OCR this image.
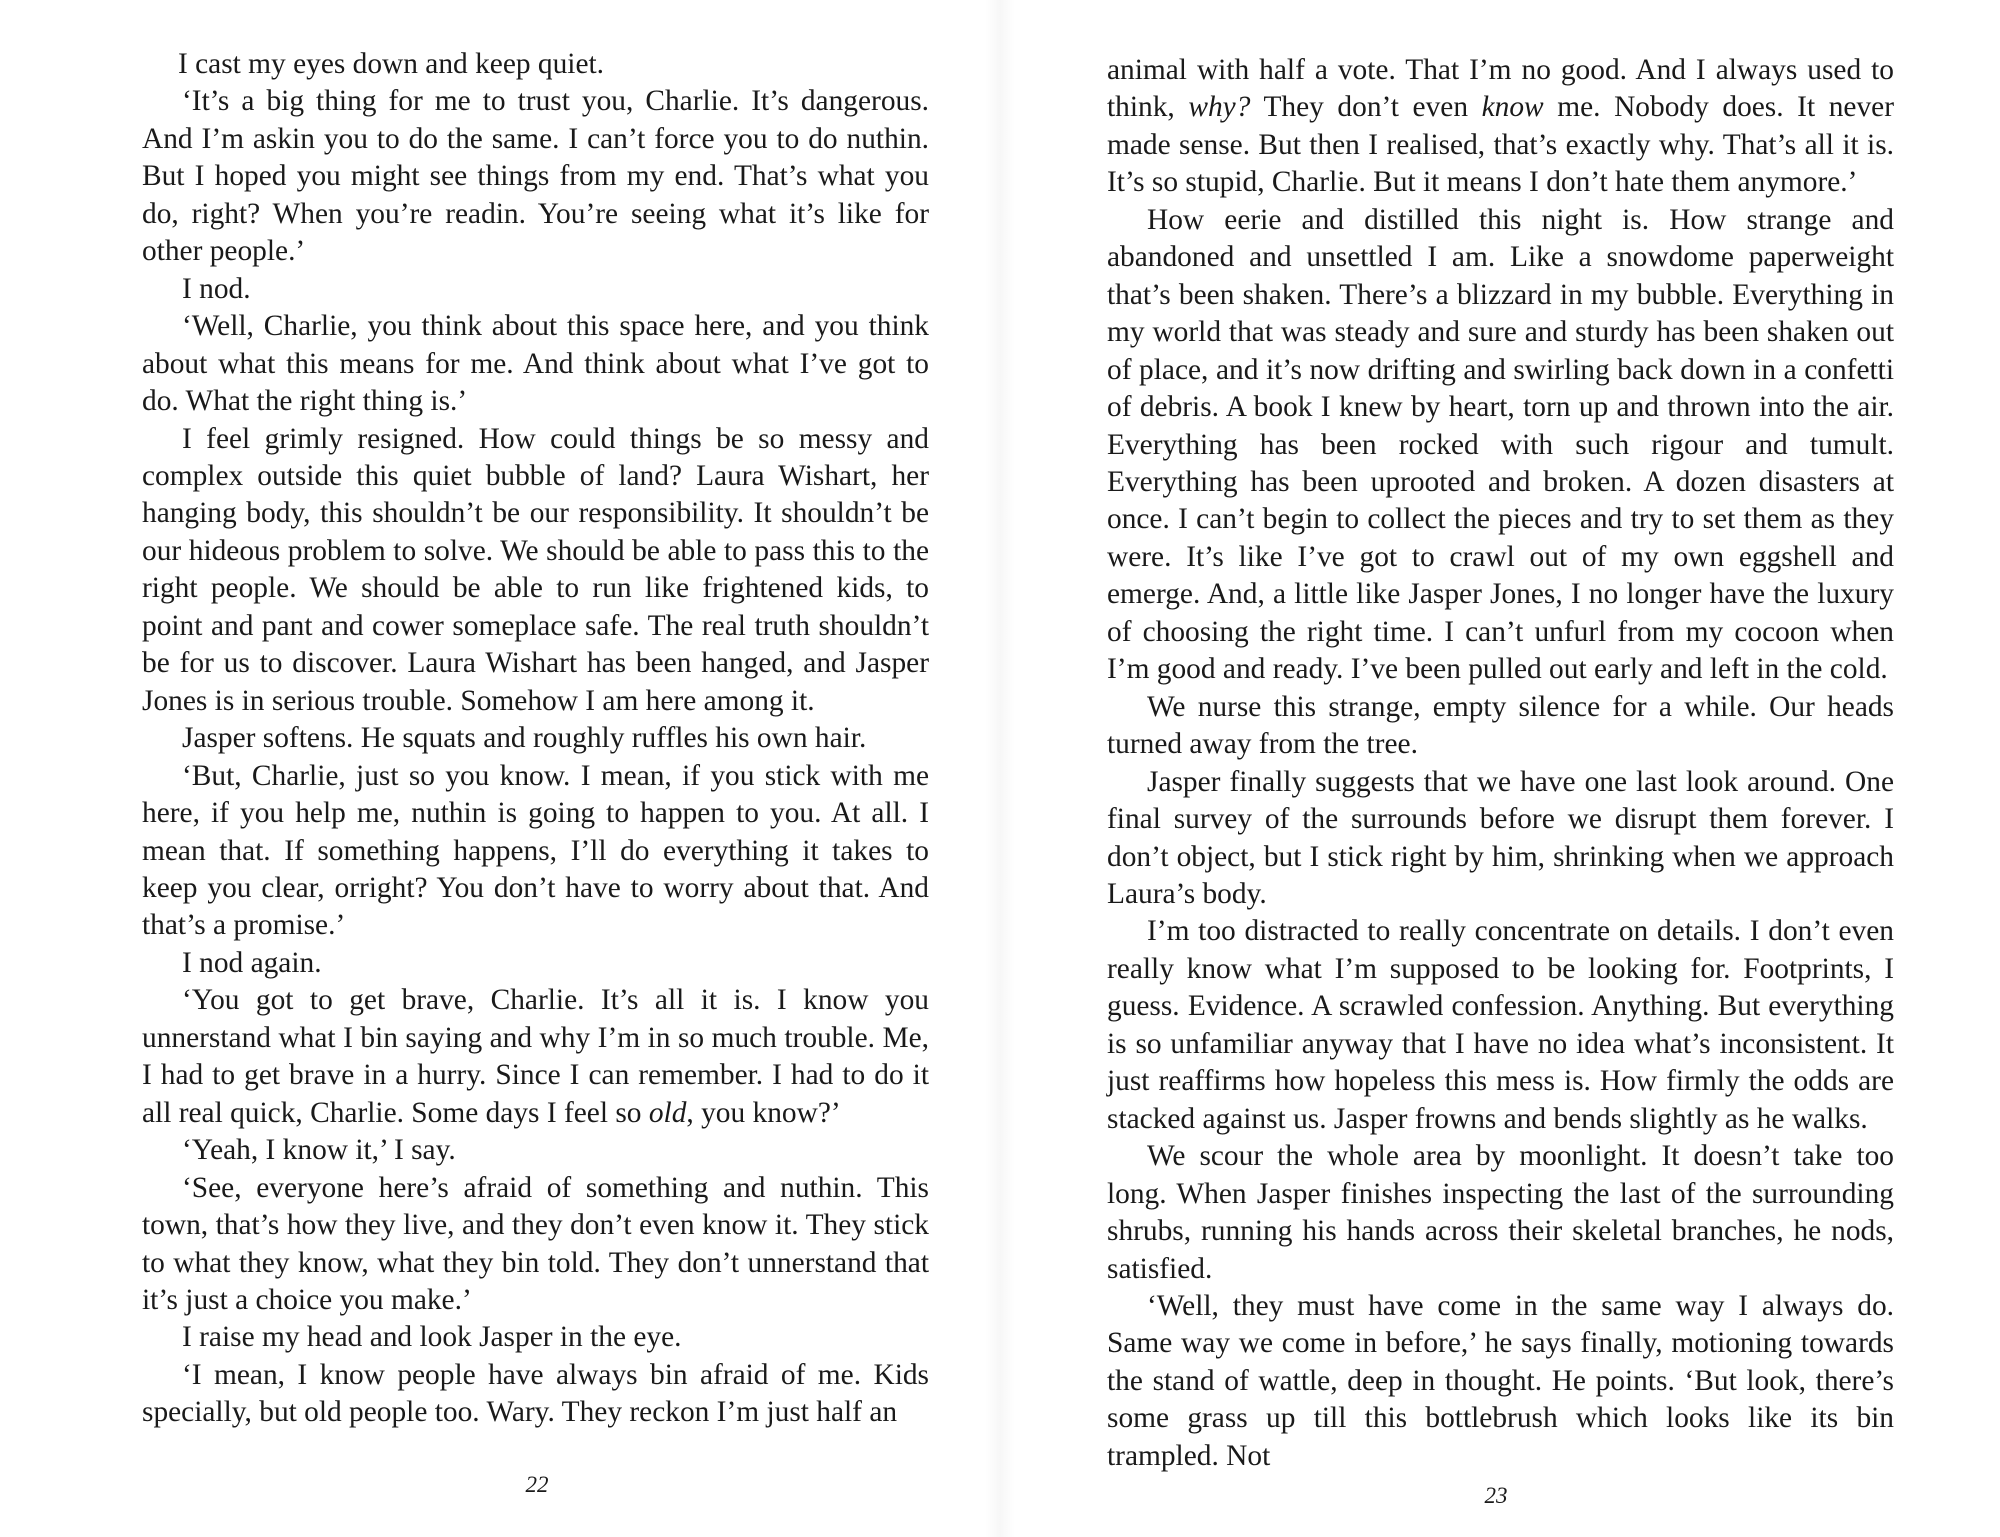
I cast my eyes down and keep quiet.

‘It’s a big thing for me to trust you, Charlie. It’s dangerous. And I’m askin you to do the same. I can’t force you to do nuthin. But I hoped you might see things from my end. That’s what you do, right? When you’re readin. You’re seeing what it’s like for other people.’

I nod.

‘Well, Charlie, you think about this space here, and you think about what this means for me. And think about what I’ve got to do. What the right thing is.’

I feel grimly resigned. How could things be so messy and complex outside this quiet bubble of land? Laura Wishart, her hanging body, this shouldn’t be our responsibility. It shouldn’t be our hideous problem to solve. We should be able to pass this to the right people. We should be able to run like frightened kids, to point and pant and cower someplace safe. The real truth shouldn’t be for us to discover. Laura Wishart has been hanged, and Jasper Jones is in serious trouble. Somehow I am here among it.

Jasper softens. He squats and roughly ruffles his own hair.

‘But, Charlie, just so you know. I mean, if you stick with me here, if you help me, nuthin is going to happen to you. At all. I mean that. If something happens, I’ll do everything it takes to keep you clear, orright? You don’t have to worry about that. And that’s a promise.’

I nod again.

‘You got to get brave, Charlie. It’s all it is. I know you unnerstand what I bin saying and why I’m in so much trouble. Me, I had to get brave in a hurry. Since I can remember. I had to do it all real quick, Charlie. Some days I feel so old, you know?’

‘Yeah, I know it,’ I say.

‘See, everyone here’s afraid of something and nuthin. This town, that’s how they live, and they don’t even know it. They stick to what they know, what they bin told. They don’t unnerstand that it’s just a choice you make.’

I raise my head and look Jasper in the eye.

‘I mean, I know people have always bin afraid of me. Kids specially, but old people too. Wary. They reckon I’m just half an

22

animal with half a vote. That I’m no good. And I always used to think, why? They don’t even know me. Nobody does. It never made sense. But then I realised, that’s exactly why. That’s all it is. It’s so stupid, Charlie. But it means I don’t hate them anymore.’

How eerie and distilled this night is. How strange and abandoned and unsettled I am. Like a snowdome paperweight that’s been shaken. There’s a blizzard in my bubble. Everything in my world that was steady and sure and sturdy has been shaken out of place, and it’s now drifting and swirling back down in a confetti of debris. A book I knew by heart, torn up and thrown into the air. Everything has been rocked with such rigour and tumult. Everything has been uprooted and broken. A dozen disasters at once. I can’t begin to collect the pieces and try to set them as they were. It’s like I’ve got to crawl out of my own eggshell and emerge. And, a little like Jasper Jones, I no longer have the luxury of choosing the right time. I can’t unfurl from my cocoon when I’m good and ready. I’ve been pulled out early and left in the cold.

We nurse this strange, empty silence for a while. Our heads turned away from the tree.

Jasper finally suggests that we have one last look around. One final survey of the surrounds before we disrupt them forever. I don’t object, but I stick right by him, shrinking when we approach Laura’s body.

I’m too distracted to really concentrate on details. I don’t even really know what I’m supposed to be looking for. Footprints, I guess. Evidence. A scrawled confession. Anything. But everything is so unfamiliar anyway that I have no idea what’s inconsistent. It just reaffirms how hopeless this mess is. How firmly the odds are stacked against us. Jasper frowns and bends slightly as he walks.

We scour the whole area by moonlight. It doesn’t take too long. When Jasper finishes inspecting the last of the surrounding shrubs, running his hands across their skeletal branches, he nods, satisfied.

‘Well, they must have come in the same way I always do. Same way we come in before,’ he says finally, motioning towards the stand of wattle, deep in thought. He points. ‘But look, there’s some grass up till this bottlebrush which looks like its bin trampled. Not

23
